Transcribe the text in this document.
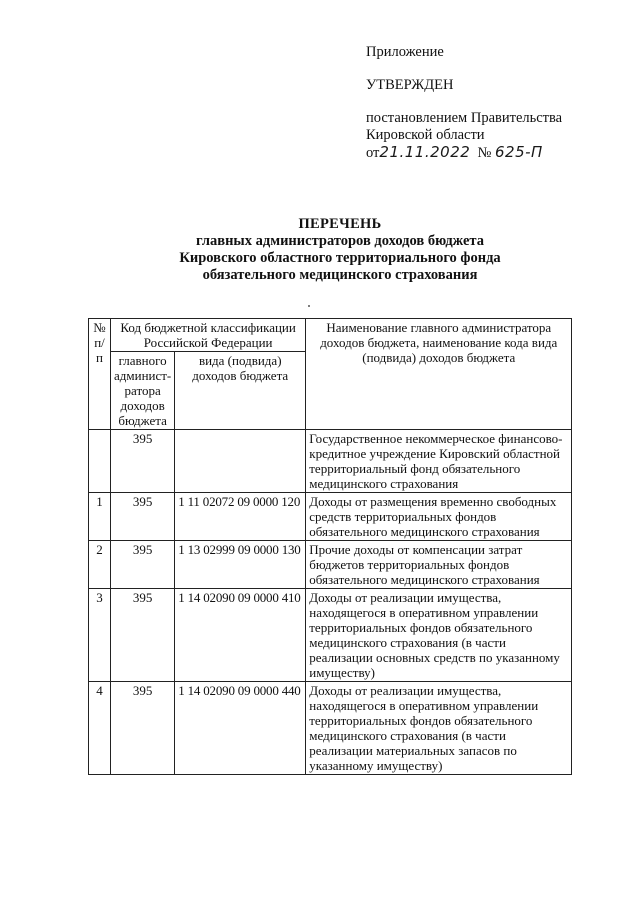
Приложение
УТВЕРЖДЕН
постановлением Правительства
Кировской области
от21.11.2022 № 625-П
ПЕРЕЧЕНЬ
главных администраторов доходов бюджета
Кировского областного территориального фонда
обязательного медицинского страхования
№ п/п	Код бюджетной классификации Российской Федерации		Наименование главного администратора доходов бюджета, наименование кода вида (подвида) доходов бюджета
	главного админист-ратора доходов бюджета	вида (подвида) доходов бюджета	
	395		Государственное некоммерческое финансово-кредитное учреждение Кировский областной территориальный фонд обязательного медицинского страхования
1	395	1 11 02072 09 0000 120	Доходы от размещения временно свободных средств территориальных фондов обязательного медицинского страхования
2	395	1 13 02999 09 0000 130	Прочие доходы от компенсации затрат бюджетов территориальных фондов обязательного медицинского страхования
3	395	1 14 02090 09 0000 410	Доходы от реализации имущества, находящегося в оперативном управлении территориальных фондов обязательного медицинского страхования (в части реализации основных средств по указанному имуществу)
4	395	1 14 02090 09 0000 440	Доходы от реализации имущества, находящегося в оперативном управлении территориальных фондов обязательного медицинского страхования (в части реализации материальных запасов по указанному имуществу)
